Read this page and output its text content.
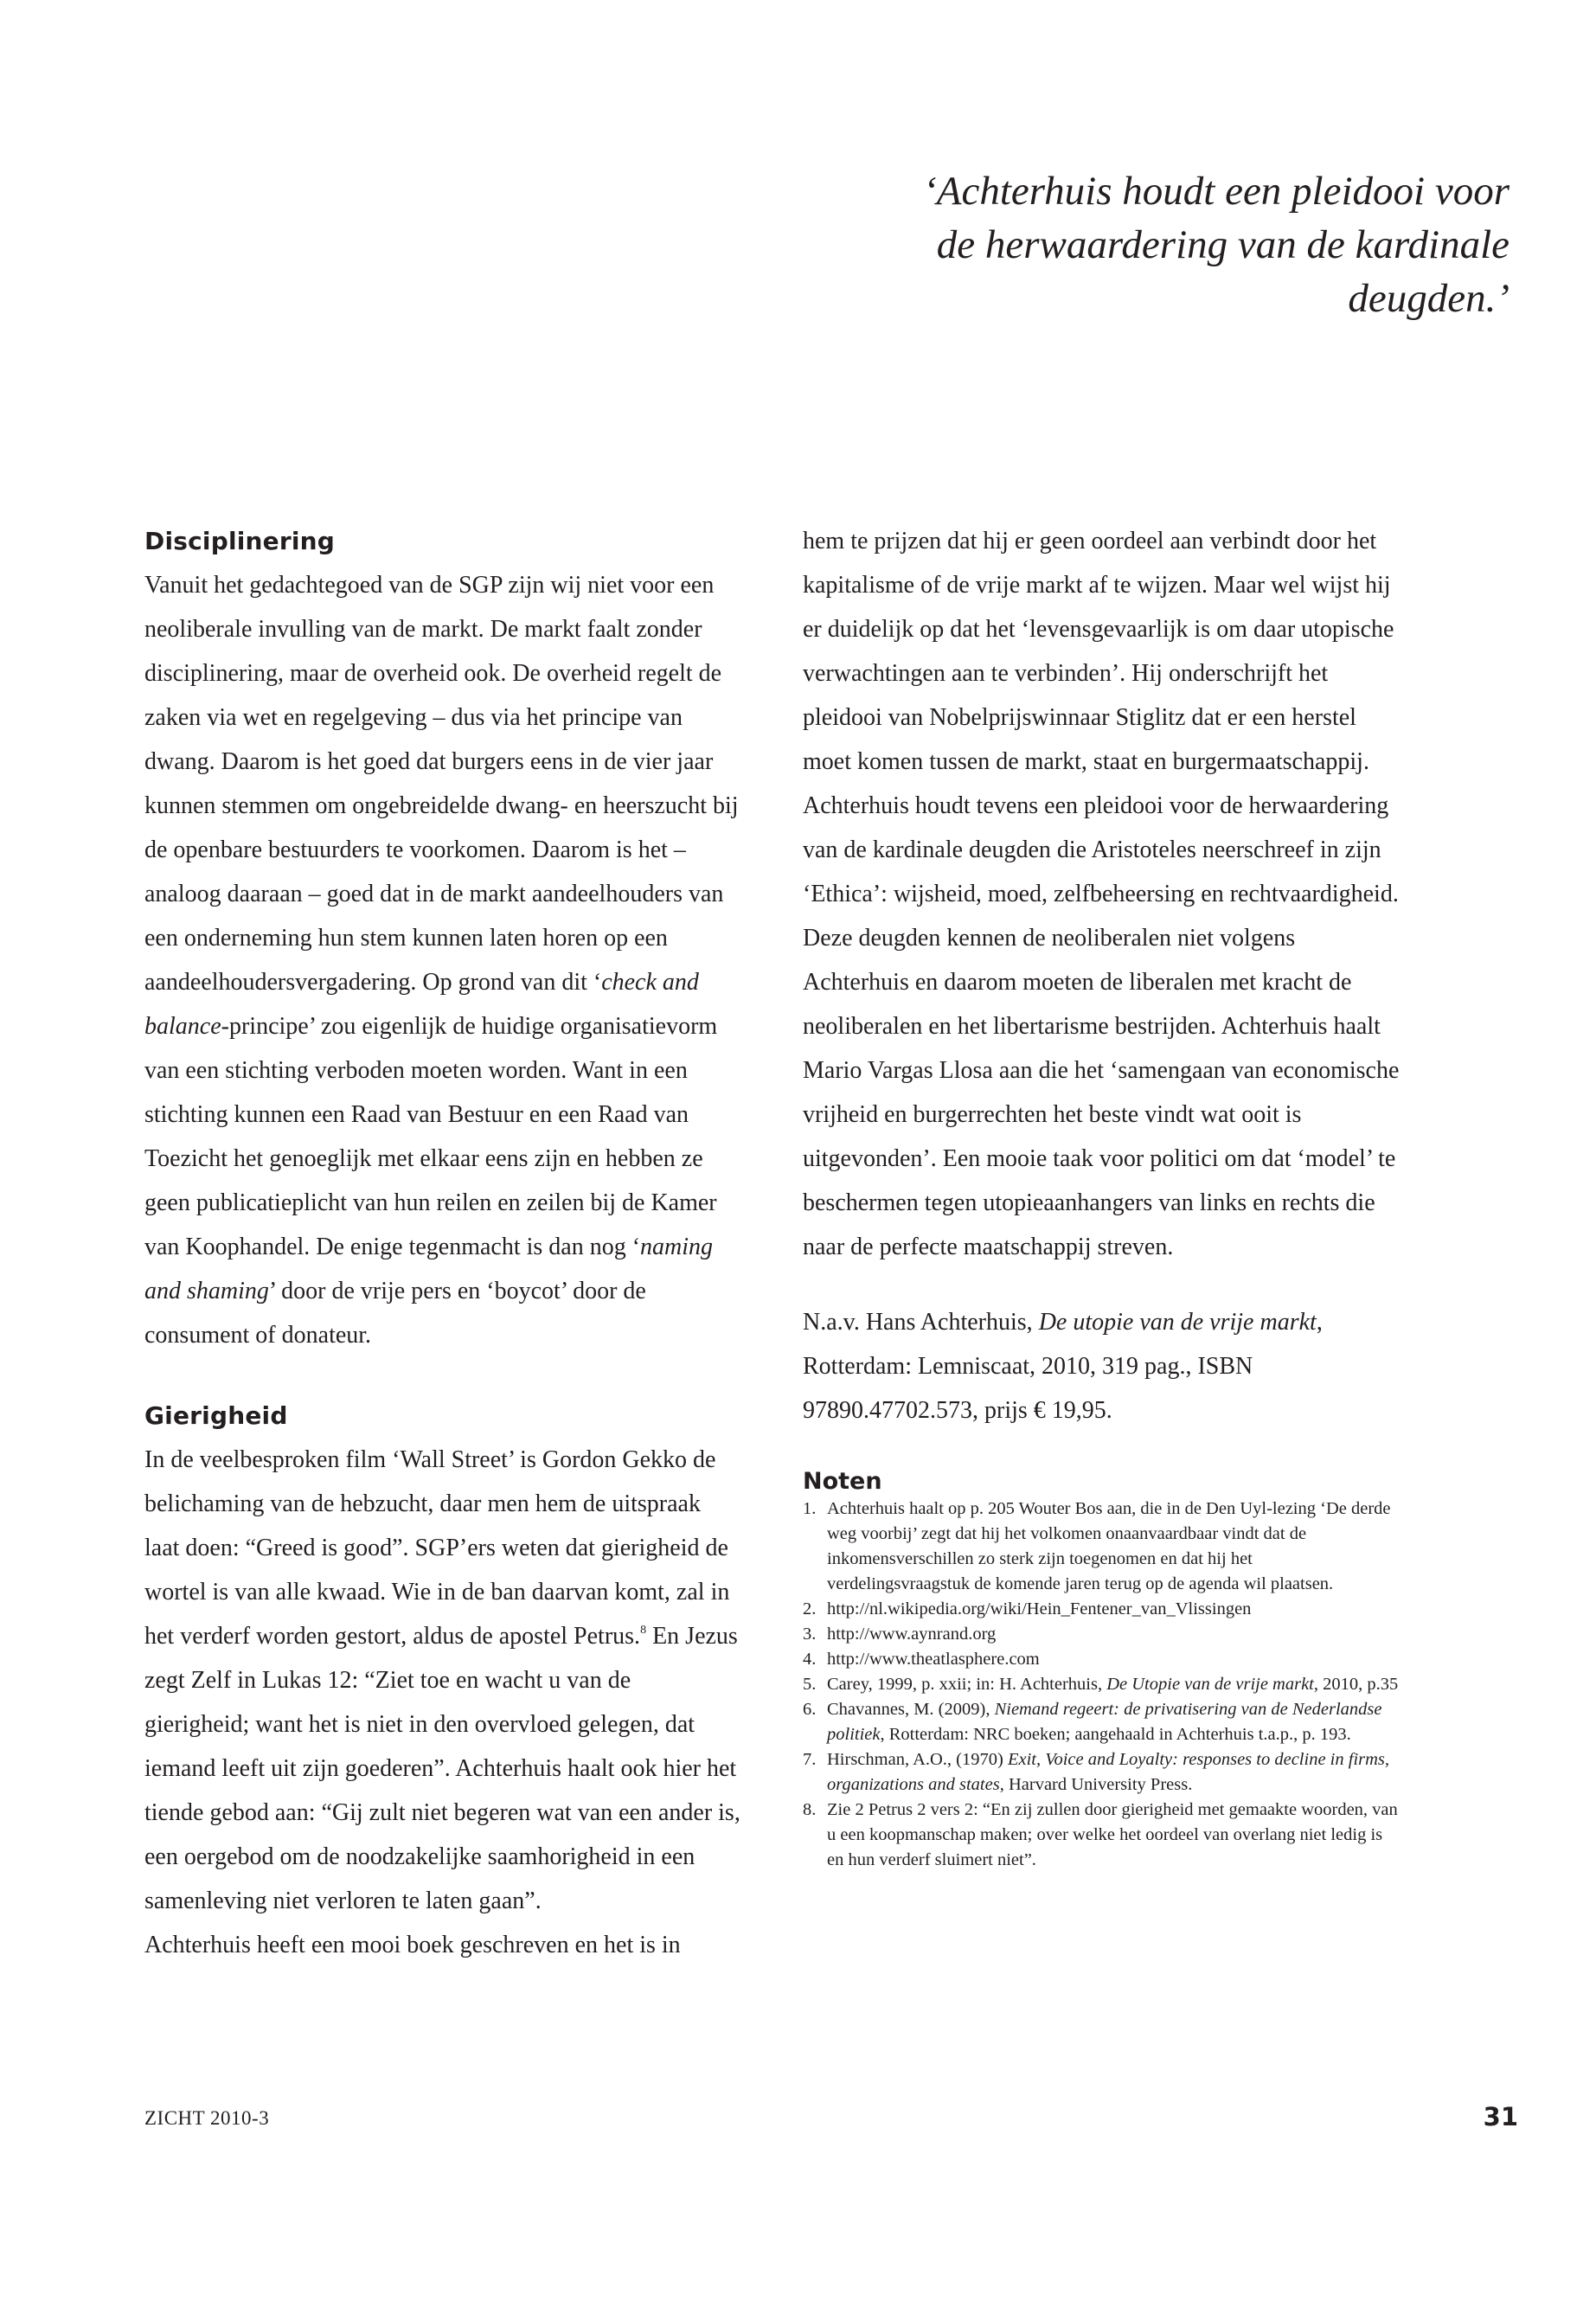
‘Achterhuis houdt een pleidooi voor

de herwaardering van de kardinale

deugden.’

Disciplinering

Vanuit het gedachtegoed van de SGP zijn wij niet voor een neoliberale invulling van de markt. De markt faalt zonder disciplinering, maar de overheid ook. De overheid regelt de zaken via wet en regelgeving – dus via het principe van dwang. Daarom is het goed dat burgers eens in de vier jaar kunnen stemmen om ongebreidelde dwang- en heerszucht bij de openbare bestuurders te voorkomen. Daarom is het – analoog daaraan – goed dat in de markt aandeelhouders van een onderneming hun stem kunnen laten horen op een aandeelhoudersvergadering. Op grond van dit ‘check and balance-principe’ zou eigenlijk de huidige organisatievorm van een stichting verboden moeten worden. Want in een stichting kunnen een Raad van Bestuur en een Raad van Toezicht het genoeglijk met elkaar eens zijn en hebben ze geen publicatieplicht van hun reilen en zeilen bij de Kamer van Koophandel. De enige tegenmacht is dan nog ‘naming and shaming’ door de vrije pers en ‘boycot’ door de consument of donateur.

Gierigheid

In de veelbesproken film ‘Wall Street’ is Gordon Gekko de belichaming van de hebzucht, daar men hem de uitspraak laat doen: “Greed is good”. SGP’ers weten dat gierigheid de wortel is van alle kwaad. Wie in de ban daarvan komt, zal in het verderf worden gestort, aldus de apostel Petrus.$^8$ En Jezus zegt Zelf in Lukas 12: “Ziet toe en wacht u van de gierigheid; want het is niet in den overvloed gelegen, dat iemand leeft uit zijn goederen”. Achterhuis haalt ook hier het tiende gebod aan: “Gij zult niet begeren wat van een ander is, een oergebod om de noodzakelijke saamhorigheid in een samenleving niet verloren te laten gaan”.

Achterhuis heeft een mooi boek geschreven en het is in

hem te prijzen dat hij er geen oordeel aan verbindt door het kapitalisme of de vrije markt af te wijzen. Maar wel wijst hij er duidelijk op dat het ‘levensgevaarlijk is om daar utopische verwachtingen aan te verbinden’. Hij onderschrijft het pleidooi van Nobelprijswinnaar Stiglitz dat er een herstel moet komen tussen de markt, staat en burgermaatschappij. Achterhuis houdt tevens een pleidooi voor de herwaardering van de kardinale deugden die Aristoteles neerschreef in zijn ‘Ethica’: wijsheid, moed, zelfbeheersing en rechtvaardigheid. Deze deugden kennen de neoliberalen niet volgens Achterhuis en daarom moeten de liberalen met kracht de neoliberalen en het libertarisme bestrijden. Achterhuis haalt Mario Vargas Llosa aan die het ‘samengaan van economische vrijheid en burgerrechten het beste vindt wat ooit is uitgevonden’. Een mooie taak voor politici om dat ‘model’ te beschermen tegen utopieaanhangers van links en rechts die naar de perfecte maatschappij streven.

N.a.v. Hans Achterhuis, De utopie van de vrije markt, Rotterdam: Lemniscaat, 2010, 319 pag., ISBN 97890.47702.573, prijs € 19,95.

Noten
1. Achterhuis haalt op p. 205 Wouter Bos aan, die in de Den Uyl-lezing ‘De derde weg voorbij’ zegt dat hij het volkomen onaanvaardbaar vindt dat de inkomensverschillen zo sterk zijn toegenomen en dat hij het verdelingsvraagstuk de komende jaren terug op de agenda wil plaatsen.
2. http://nl.wikipedia.org/wiki/Hein_Fentener_van_Vlissingen
3. http://www.aynrand.org
4. http://www.theatlasphere.com
5. Carey, 1999, p. xxii; in: H. Achterhuis, De Utopie van de vrije markt, 2010, p.35
6. Chavannes, M. (2009), Niemand regeert: de privatisering van de Nederlandse politiek, Rotterdam: NRC boeken; aangehaald in Achterhuis t.a.p., p. 193.
7. Hirschman, A.O., (1970) Exit, Voice and Loyalty: responses to decline in firms, organizations and states, Harvard University Press.
8. Zie 2 Petrus 2 vers 2: “En zij zullen door gierigheid met gemaakte woorden, van u een koopmanschap maken; over welke het oordeel van overlang niet ledig is en hun verderf sluimert niet”.
ZICHT 2010-3	31
